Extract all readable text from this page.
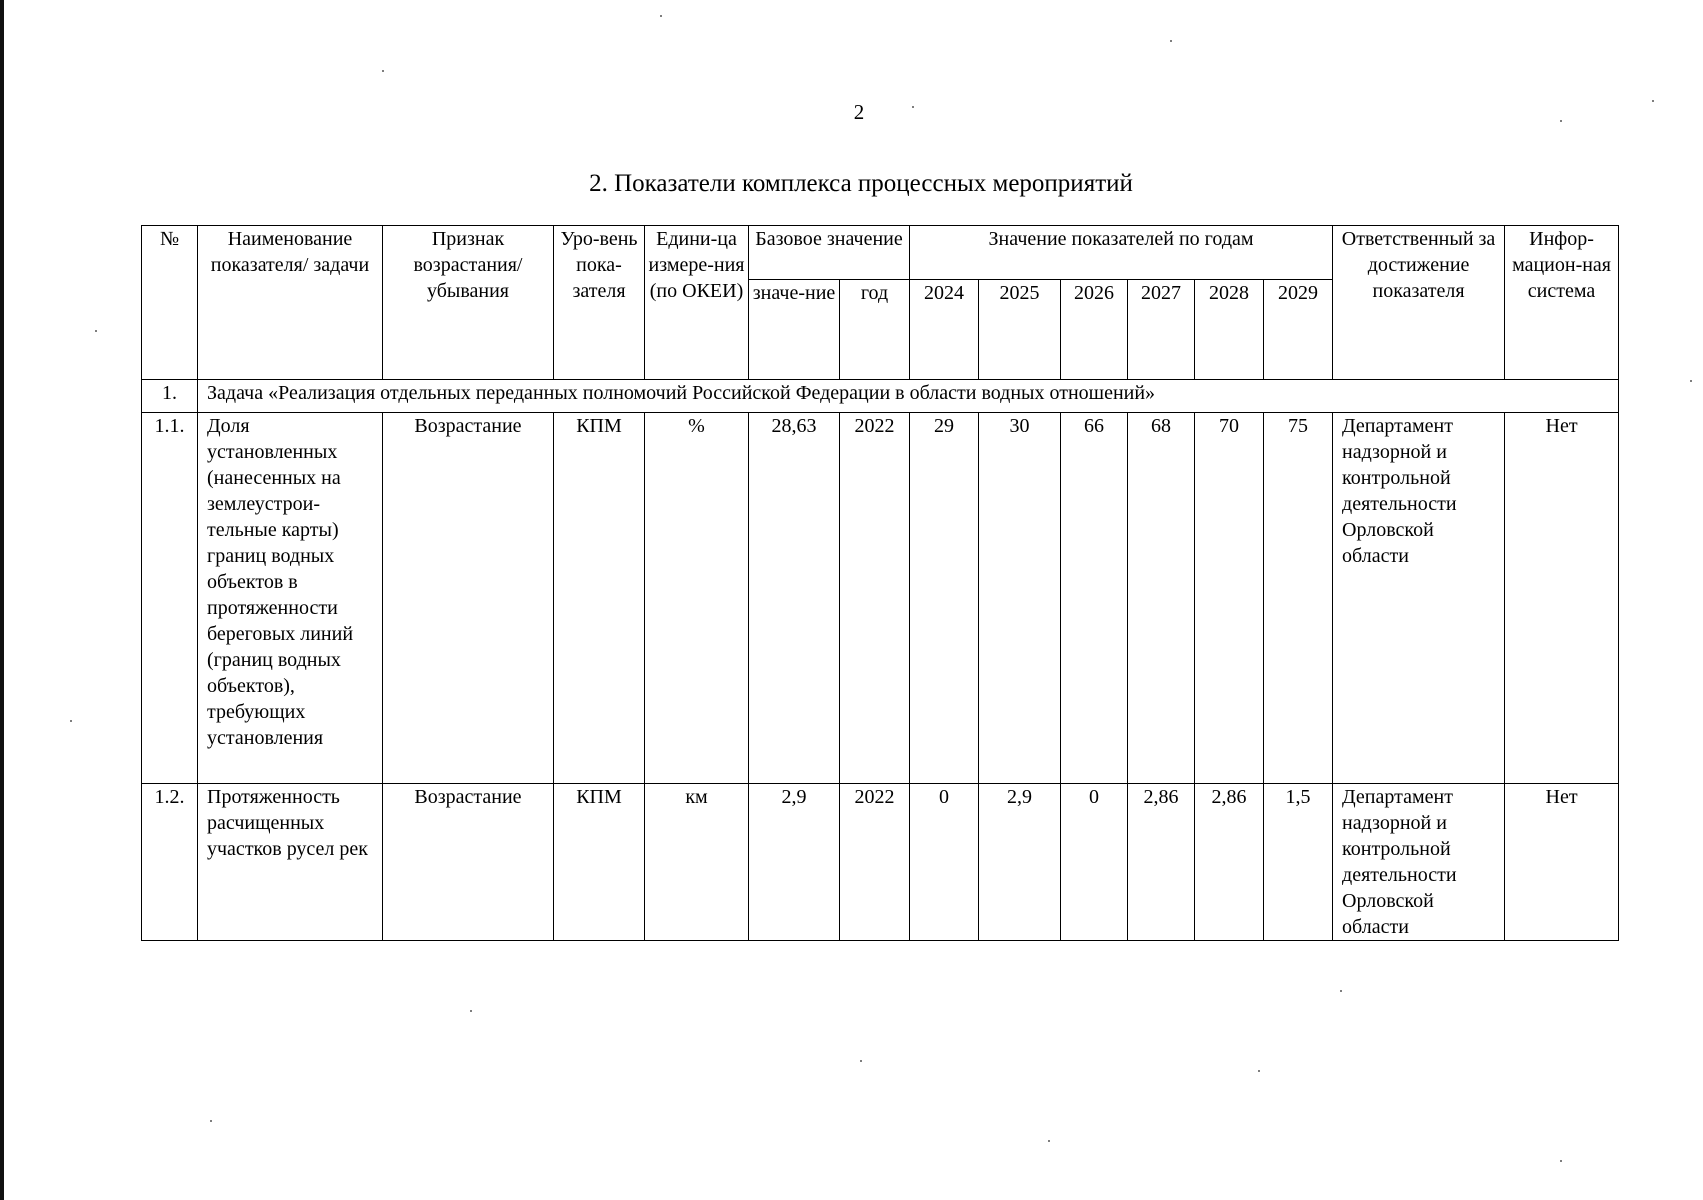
2
2. Показатели комплекса процессных мероприятий
№	Наименование показателя/ задачи	Признак возрастания/ убывания	Уро-вень пока-зателя	Едини-ца измере-ния (по ОКЕИ)	Базовое значение		Значение показателей по годам						Ответственный за достижение показателя	Инфор-мацион-ная система
					значе-ние	год	2024	2025	2026	2027	2028	2029		
1.	Задача «Реализация отдельных переданных полномочий Российской Федерации в области водных отношений»													
1.1.	Доля установленных (нанесенных на землеустрои-тельные карты) границ водных объектов в протяженности береговых линий (границ водных объектов), требующих установления	Возрастание	КПМ	%	28,63	2022	29	30	66	68	70	75	Департамент надзорной и контрольной деятельности Орловской области	Нет
1.2.	Протяженность расчищенных участков русел рек	Возрастание	КПМ	км	2,9	2022	0	2,9	0	2,86	2,86	1,5	Департамент надзорной и контрольной деятельности Орловской области	Нет
